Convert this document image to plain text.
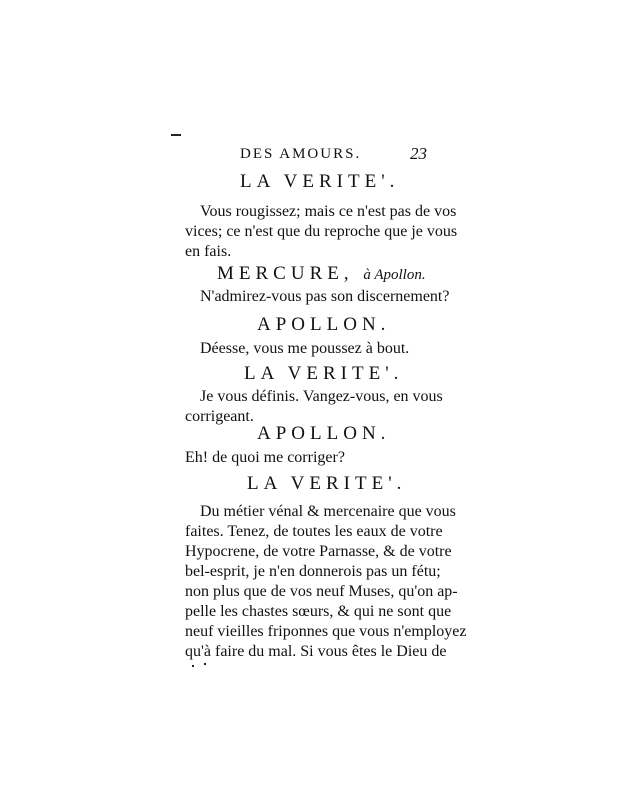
DES AMOURS.	23
LA VERITE'.
Vous rougissez; mais ce n'est pas de vos
vices; ce n'est que du reproche que je vous
en fais.
MERCURE, à Apollon.
N'admirez-vous pas son discernement?
APOLLON.
Déesse, vous me poussez à bout.
LA VERITE'.
Je vous définis. Vangez-vous, en vous
corrigeant.
APOLLON.
Eh! de quoi me corriger?
LA VERITE'.
Du métier vénal & mercenaire que vous
faites. Tenez, de toutes les eaux de votre
Hypocrene, de votre Parnasse, & de votre
bel-esprit, je n'en donnerois pas un fétu;
non plus que de vos neuf Muses, qu'on ap-
pelle les chastes sœurs, & qui ne sont que
neuf vieilles friponnes que vous n'employez
qu'à faire du mal. Si vous êtes le Dieu de
